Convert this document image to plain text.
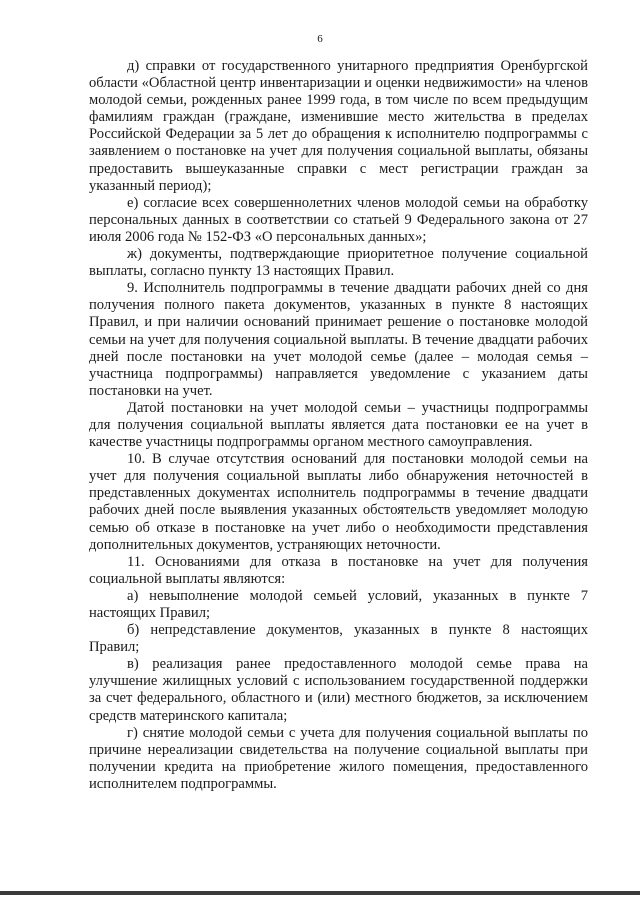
6

д) справки от государственного унитарного предприятия Оренбургской области «Областной центр инвентаризации и оценки недвижимости» на членов молодой семьи, рожденных ранее 1999 года, в том числе по всем предыдущим фамилиям граждан (граждане, изменившие место жительства в пределах Российской Федерации за 5 лет до обращения к исполнителю подпрограммы с заявлением о постановке на учет для получения социальной выплаты, обязаны предоставить вышеуказанные справки с мест регистрации граждан за указанный период);

е) согласие всех совершеннолетних членов молодой семьи на обработку персональных данных в соответствии со статьей 9 Федерального закона от 27 июля 2006 года № 152-ФЗ «О персональных данных»;

ж) документы, подтверждающие приоритетное получение социальной выплаты, согласно пункту 13 настоящих Правил.

9. Исполнитель подпрограммы в течение двадцати рабочих дней со дня получения полного пакета документов, указанных в пункте 8 настоящих Правил, и при наличии оснований принимает решение о постановке молодой семьи на учет для получения социальной выплаты. В течение двадцати рабочих дней после постановки на учет молодой семье (далее – молодая семья – участница подпрограммы) направляется уведомление с указанием даты постановки на учет.

Датой постановки на учет молодой семьи – участницы подпрограммы для получения социальной выплаты является дата постановки ее на учет в качестве участницы подпрограммы органом местного самоуправления.

10. В случае отсутствия оснований для постановки молодой семьи на учет для получения социальной выплаты либо обнаружения неточностей в представленных документах исполнитель подпрограммы в течение двадцати рабочих дней после выявления указанных обстоятельств уведомляет молодую семью об отказе в постановке на учет либо о необходимости представления дополнительных документов, устраняющих неточности.

11. Основаниями для отказа в постановке на учет для получения социальной выплаты являются:

а) невыполнение молодой семьей условий, указанных в пункте 7 настоящих Правил;

б) непредставление документов, указанных в пункте 8 настоящих Правил;

в) реализация ранее предоставленного молодой семье права на улучшение жилищных условий с использованием государственной поддержки за счет федерального, областного и (или) местного бюджетов, за исключением средств материнского капитала;

г) снятие молодой семьи с учета для получения социальной выплаты по причине нереализации свидетельства на получение социальной выплаты при получении кредита на приобретение жилого помещения, предоставленного исполнителем подпрограммы.
